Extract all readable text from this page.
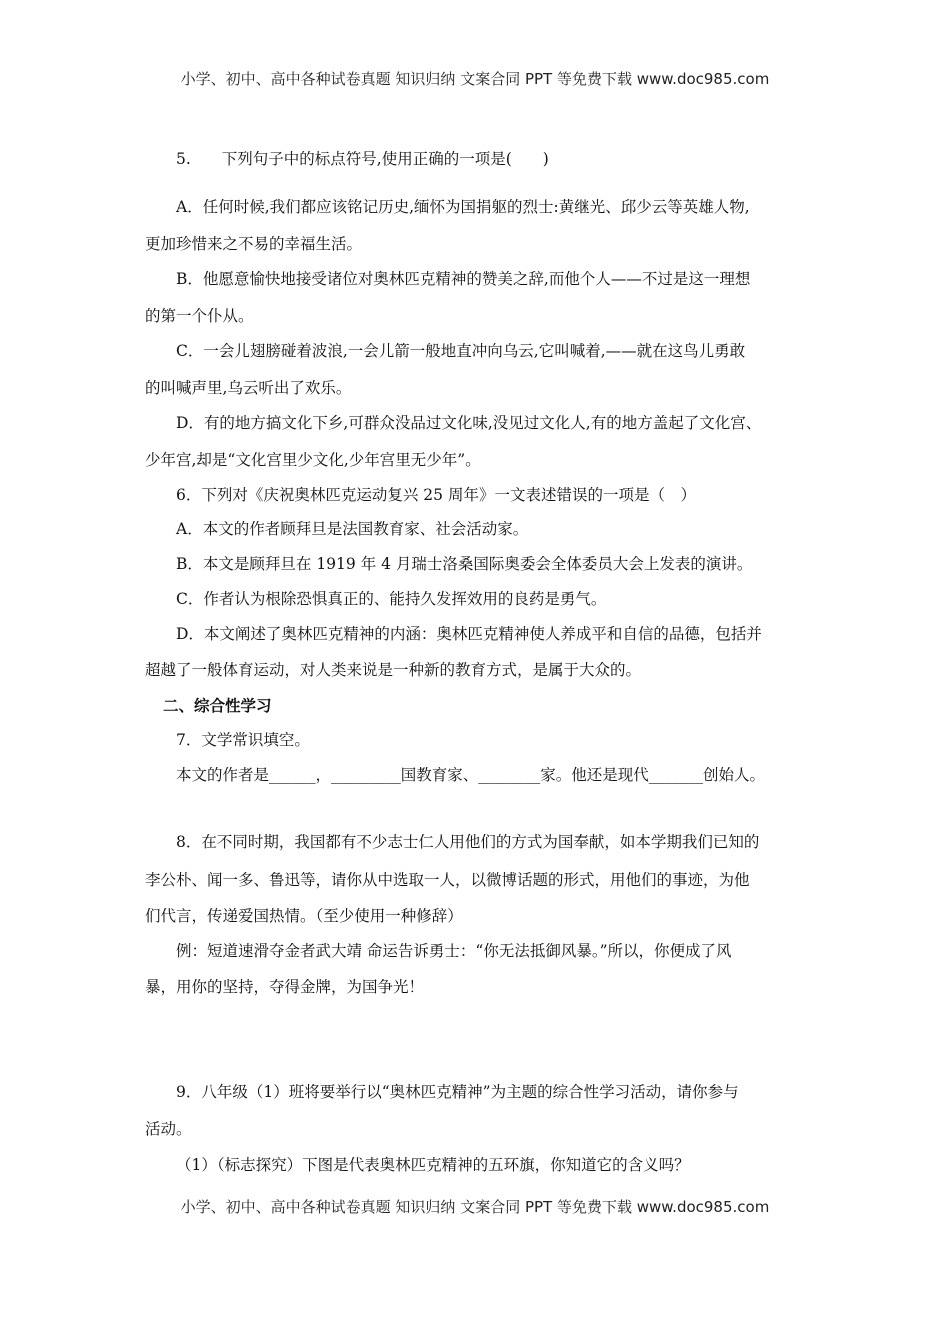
小学、初中、高中各种试卷真题 知识归纳 文案合同 PPT 等免费下载 www.doc985.com
5.　　下列句子中的标点符号,使用正确的一项是(　　)
A．任何时候,我们都应该铭记历史,缅怀为国捐躯的烈士:黄继光、邱少云等英雄人物,
更加珍惜来之不易的幸福生活。
B．他愿意愉快地接受诸位对奥林匹克精神的赞美之辞,而他个人——不过是这一理想
的第一个仆从。
C．一会儿翅膀碰着波浪,一会儿箭一般地直冲向乌云,它叫喊着,——就在这鸟儿勇敢
的叫喊声里,乌云听出了欢乐。
D．有的地方搞文化下乡,可群众没品过文化味,没见过文化人,有的地方盖起了文化宫、
少年宫,却是“文化宫里少文化,少年宫里无少年”。
6．下列对《庆祝奥林匹克运动复兴 25 周年》一文表述错误的一项是（　）
A．本文的作者顾拜旦是法国教育家、社会活动家。
B．本文是顾拜旦在 1919 年 4 月瑞士洛桑国际奥委会全体委员大会上发表的演讲。
C．作者认为根除恐惧真正的、能持久发挥效用的良药是勇气。
D．本文阐述了奥林匹克精神的内涵：奥林匹克精神使人养成平和自信的品德，包括并
超越了一般体育运动，对人类来说是一种新的教育方式，是属于大众的。
二、综合性学习
7．文学常识填空。
本文的作者是______，_________国教育家、________家。他还是现代_______创始人。
8．在不同时期，我国都有不少志士仁人用他们的方式为国奉献，如本学期我们已知的
李公朴、闻一多、鲁迅等，请你从中选取一人，以微博话题的形式，用他们的事迹，为他
们代言，传递爱国热情。（至少使用一种修辞）
例：短道速滑夺金者武大靖 命运告诉勇士：“你无法抵御风暴。”所以，你便成了风
暴，用你的坚持，夺得金牌，为国争光！
9．八年级（1）班将要举行以“奥林匹克精神”为主题的综合性学习活动，请你参与
活动。
（1）（标志探究）下图是代表奥林匹克精神的五环旗，你知道它的含义吗？
小学、初中、高中各种试卷真题 知识归纳 文案合同 PPT 等免费下载 www.doc985.com
